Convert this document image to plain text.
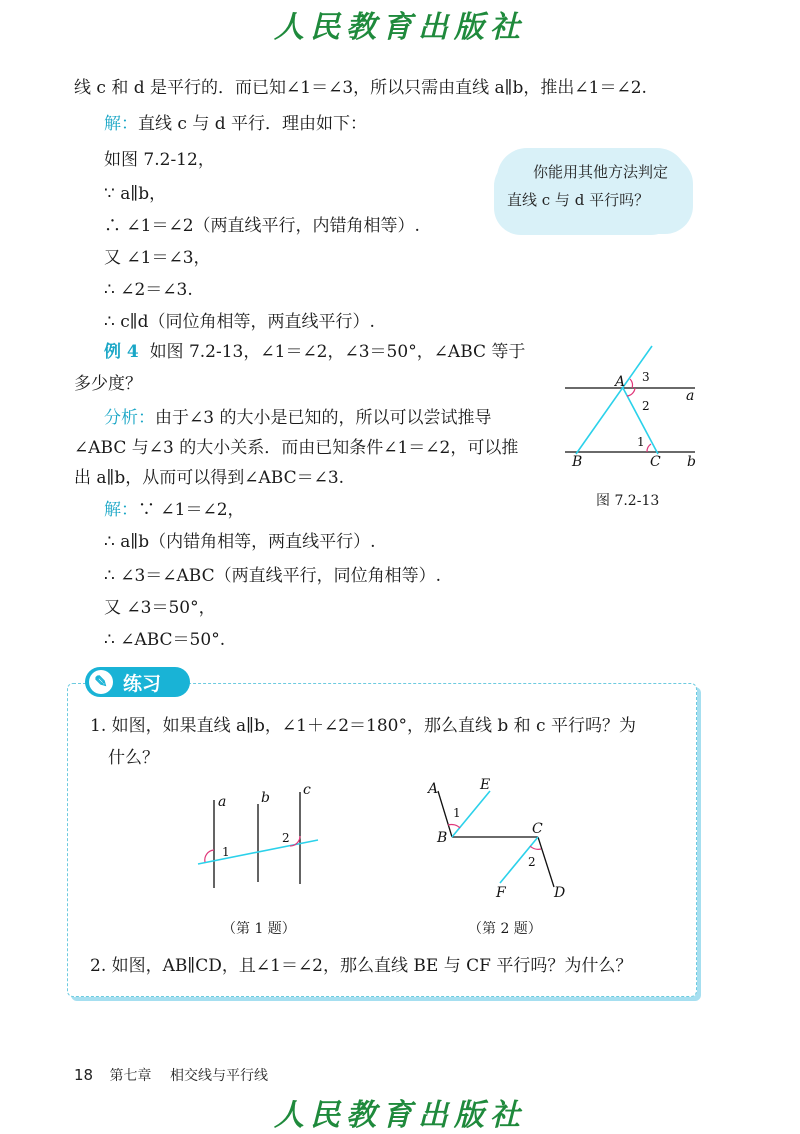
人民教育出版社
线 c 和 d 是平行的．而已知∠1＝∠3，所以只需由直线 a∥b，推出∠1＝∠2.
解：直线 c 与 d 平行．理由如下：
如图 7.2-12，
∵ a∥b，
∴ ∠1＝∠2（两直线平行，内错角相等）.
又 ∠1＝∠3，
∴ ∠2＝∠3.
∴ c∥d（同位角相等，两直线平行）.
你能用其他方法判定
直线 c 与 d 平行吗？
例 4 如图 7.2-13，∠1＝∠2，∠3＝50°，∠ABC 等于
多少度？
分析：由于∠3 的大小是已知的，所以可以尝试推导
∠ABC 与∠3 的大小关系．而由已知条件∠1＝∠2，可以推
出 a∥b，从而可以得到∠ABC＝∠3.
解：∵ ∠1＝∠2，
∴ a∥b（内错角相等，两直线平行）.
∴ ∠3＝∠ABC（两直线平行，同位角相等）.
又 ∠3＝50°，
∴ ∠ABC＝50°.
A 3
2
a
1
B	C b
图 7.2-13
✎ 练习
1. 如图，如果直线 a∥b，∠1＋∠2＝180°，那么直线 b 和 c 平行吗？为
什么？
a b c
1
2
（第 1 题）
A	E
1
B
C
2
F	D
（第 2 题）
2. 如图，AB∥CD，且∠1＝∠2，那么直线 BE 与 CF 平行吗？为什么？
18 第七章 相交线与平行线
人民教育出版社
